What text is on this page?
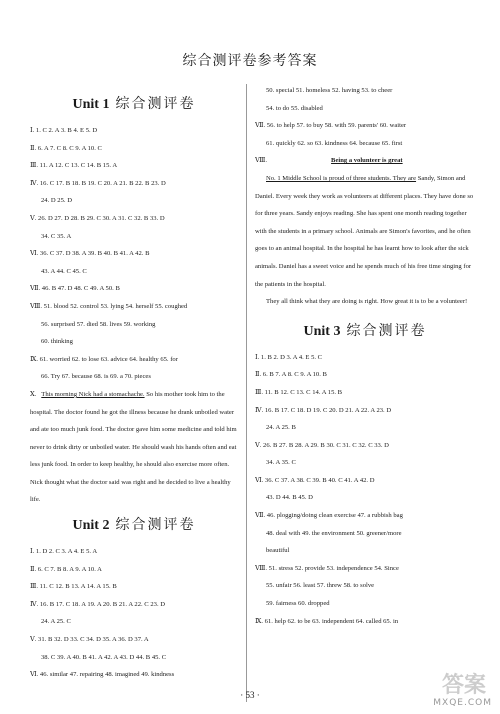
综合测评卷参考答案
Unit 1 综合测评卷
Ⅰ. 1. C 2. A 3. B 4. E 5. D
Ⅱ. 6. A 7. C 8. C 9. A 10. C
Ⅲ. 11. A 12. C 13. C 14. B 15. A
Ⅳ. 16. C 17. B 18. B 19. C 20. A 21. B 22. B 23. D
24. D 25. D
Ⅴ. 26. D 27. D 28. B 29. C 30. A 31. C 32. B 33. D
34. C 35. A
Ⅵ. 36. C 37. D 38. A 39. B 40. B 41. A 42. B
43. A 44. C 45. C
Ⅶ. 46. B 47. D 48. C 49. A 50. B
Ⅷ. 51. blood 52. control 53. lying 54. herself 55. coughed
56. surprised 57. died 58. lives 59. working
60. thinking
Ⅸ. 61. worried 62. to lose 63. advice 64. healthy 65. for
66. Try 67. because 68. is 69. a 70. pieces

Ⅹ. This morning Nick had a stomachache. So his mother took him to the hospital. The doctor found he got the illness because he drank unboiled water and ate too much junk food. The doctor gave him some medicine and told him never to drink dirty or unboiled water. He should wash his hands often and eat less junk food. In order to keep healthy, he should also exercise more often. Nick thought what the doctor said was right and he decided to live a healthy life.

Unit 2 综合测评卷
Ⅰ. 1. D 2. C 3. A 4. E 5. A
Ⅱ. 6. C 7. B 8. A 9. A 10. A
Ⅲ. 11. C 12. B 13. A 14. A 15. B
Ⅳ. 16. B 17. C 18. A 19. A 20. B 21. A 22. C 23. D
24. A 25. C
Ⅴ. 31. B 32. D 33. C 34. D 35. A 36. D 37. A
38. C 39. A 40. B 41. A 42. A 43. D 44. B 45. C
Ⅵ. 46. similar 47. repairing 48. imagined 49. kindness
50. special 51. homeless 52. having 53. to cheer
54. to do 55. disabled
Ⅶ. 56. to help 57. to buy 58. with 59. parents' 60. waiter
61. quickly 62. so 63. kindness 64. because 65. first
Ⅷ.	Being a volunteer is great

No. 1 Middle School is proud of three students. They are Sandy, Simon and Daniel. Every week they work as volunteers at different places. They have done so for three years. Sandy enjoys reading. She has spent one month reading together with the students in a primary school. Animals are Simon's favorites, and he often goes to an animal hospital. In the hospital he has learnt how to look after the sick animals. Daniel has a sweet voice and he spends much of his free time singing for the patients in the hospital.

They all think what they are doing is right. How great it is to be a volunteer!

Unit 3 综合测评卷
Ⅰ. 1. B 2. D 3. A 4. E 5. C
Ⅱ. 6. B 7. A 8. C 9. A 10. B
Ⅲ. 11. B 12. C 13. C 14. A 15. B
Ⅳ. 16. B 17. C 18. D 19. C 20. D 21. A 22. A 23. D
24. A 25. B
Ⅴ. 26. B 27. B 28. A 29. B 30. C 31. C 32. C 33. D
34. A 35. C
Ⅵ. 36. C 37. A 38. C 39. B 40. C 41. A 42. D
43. D 44. B 45. D
Ⅶ. 46. plogging/doing clean exercise 47. a rubbish bag
48. deal with 49. the environment 50. greener/more
beautiful
Ⅷ. 51. stress 52. provide 53. independence 54. Since
55. unfair 56. least 57. threw 58. to solve
59. fairness 60. dropped
Ⅸ. 61. help 62. to be 63. independent 64. called 65. in
· 53 ·	答案
MXQE.COM
